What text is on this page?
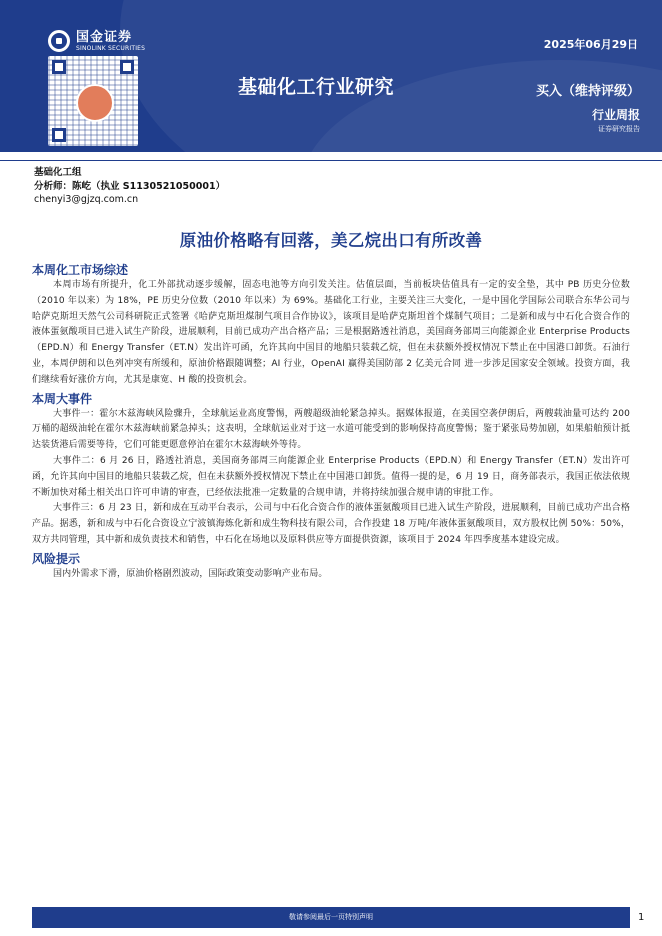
国金证券
SINOLINK SECURITIES	2025年06月29日
基础化工行业研究	买入（维持评级）
行业周报
证券研究报告
基础化工组
分析师：陈屹（执业 S1130521050001）
chenyi3@gjzq.com.cn
原油价格略有回落，美乙烷出口有所改善
本周化工市场综述

本周市场有所提升，化工外部扰动逐步缓解，固态电池等方向引发关注。估值层面，当前板块估值具有一定的安全垫，其中 PB 历史分位数（2010 年以来）为 18%，PE 历史分位数（2010 年以来）为 69%。基础化工行业，主要关注三大变化，一是中国化学国际公司联合东华公司与哈萨克斯坦天然气公司科研院正式签署《哈萨克斯坦煤制气项目合作协议》，该项目是哈萨克斯坦首个煤制气项目；二是新和成与中石化合资合作的液体蛋氨酸项目已进入试生产阶段，进展顺利，目前已成功产出合格产品；三是根据路透社消息，美国商务部周三向能源企业 Enterprise Products（EPD.N）和 Energy Transfer（ET.N）发出许可函，允许其向中国目的地船只装载乙烷，但在未获额外授权情况下禁止在中国港口卸货。石油行业，本周伊朗和以色列冲突有所缓和，原油价格跟随调整；AI 行业，OpenAI 赢得美国防部 2 亿美元合同 进一步涉足国家安全领域。投资方面，我们继续看好涨价方向，尤其是康宽、H 酸的投资机会。

本周大事件

大事件一：霍尔木兹海峡风险骤升，全球航运业高度警惕，两艘超级油轮紧急掉头。据媒体报道，在美国空袭伊朗后，两艘载油量可达约 200 万桶的超级油轮在霍尔木兹海峡前紧急掉头；这表明，全球航运业对于这一水道可能受到的影响保持高度警惕；鉴于紧张局势加剧，如果船舶预计抵达装货港后需要等待，它们可能更愿意停泊在霍尔木兹海峡外等待。

大事件二：6 月 26 日，路透社消息，美国商务部周三向能源企业 Enterprise Products（EPD.N）和 Energy Transfer（ET.N）发出许可函，允许其向中国目的地船只装载乙烷，但在未获额外授权情况下禁止在中国港口卸货。值得一提的是，6 月 19 日，商务部表示，我国正依法依规不断加快对稀土相关出口许可申请的审查，已经依法批准一定数量的合规申请，并将持续加强合规申请的审批工作。

大事件三：6 月 23 日，新和成在互动平台表示，公司与中石化合资合作的液体蛋氨酸项目已进入试生产阶段，进展顺利，目前已成功产出合格产品。据悉，新和成与中石化合资设立宁波镇海炼化新和成生物科技有限公司，合作投建 18 万吨/年液体蛋氨酸项目，双方股权比例 50%：50%，双方共同管理，其中新和成负责技术和销售，中石化在场地以及原料供应等方面提供资源，该项目于 2024 年四季度基本建设完成。

风险提示

国内外需求下滑，原油价格剧烈波动，国际政策变动影响产业布局。

敬请参阅最后一页特别声明	1
